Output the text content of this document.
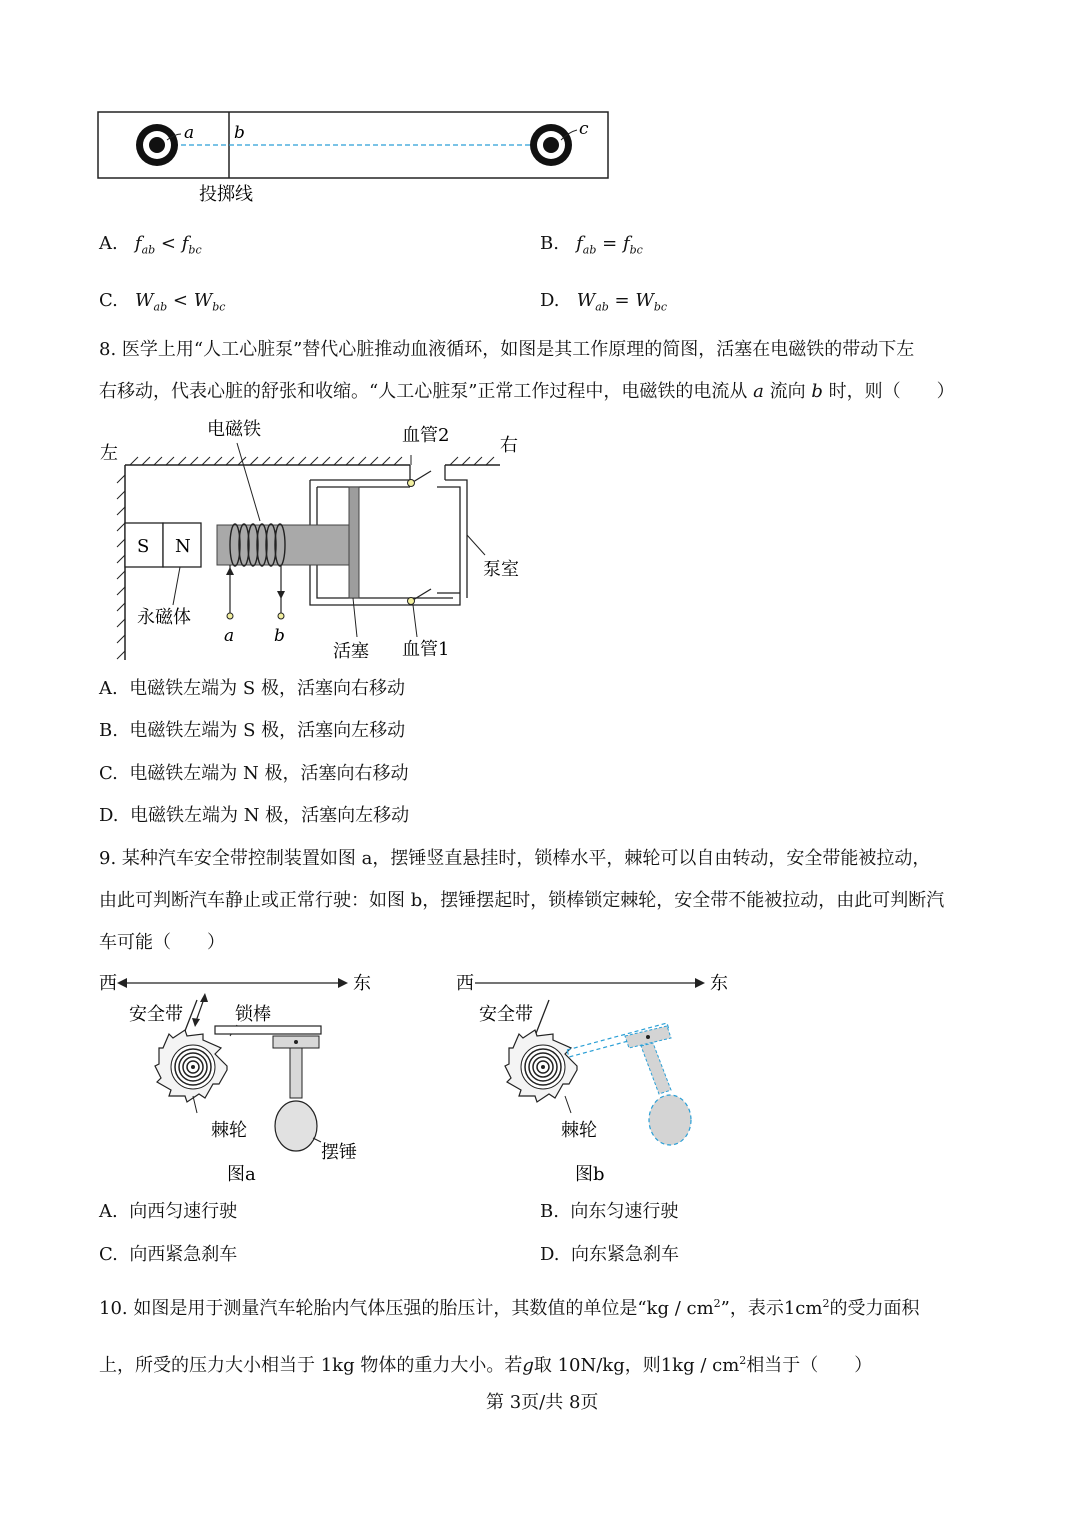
a b	c
投掷线
A. $f_{ab} < f_{bc}$	B. $f_{ab} = f_{bc}$
C. $W_{ab} < W_{bc}$	D. $W_{ab} = W_{bc}$
8. 医学上用“人工心脏泵”替代心脏推动血液循环，如图是其工作原理的简图，活塞在电磁铁的带动下左
右移动，代表心脏的舒张和收缩。“人工心脏泵”正常工作过程中，电磁铁的电流从 a 流向 b 时，则（　　）
S N
左	右
电磁铁	血管2
泵室
永磁体
a b
活塞 血管1
A. 电磁铁左端为 S 极，活塞向右移动
B. 电磁铁左端为 S 极，活塞向左移动
C. 电磁铁左端为 N 极，活塞向右移动
D. 电磁铁左端为 N 极，活塞向左移动
9. 某种汽车安全带控制装置如图 a，摆锤竖直悬挂时，锁棒水平，棘轮可以自由转动，安全带能被拉动，
由此可判断汽车静止或正常行驶：如图 b，摆锤摆起时，锁棒锁定棘轮，安全带不能被拉动，由此可判断汽
车可能（　　）
西	东
安全带	锁棒
棘轮
摆锤
图a
西	东
安全带
棘轮
图b
A. 向西匀速行驶	B. 向东匀速行驶
C. 向西紧急刹车	D. 向东紧急刹车
10. 如图是用于测量汽车轮胎内气体压强的胎压计，其数值的单位是“kg / $cm^2$”，表示$1cm^2$的受力面积
上，所受的压力大小相当于 1kg 物体的重力大小。若g取 10N/kg，则$1kg / cm^2$相当于（　　）
第 3页/共 8页
